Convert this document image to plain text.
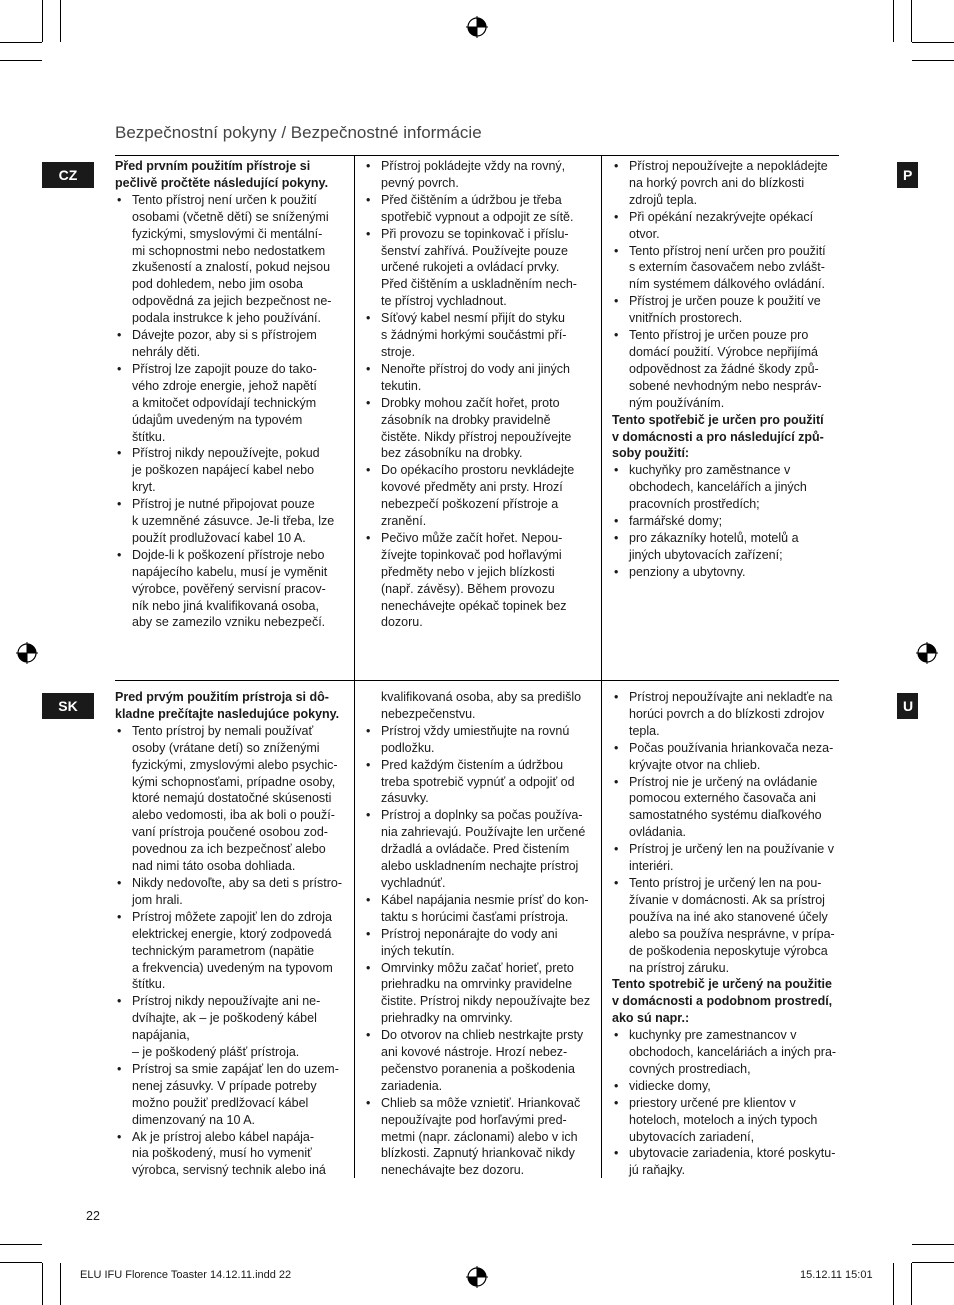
Bezpečnostní pokyny / Bezpečnostné informácie
CZ	P
SK	U

Před prvním použitím přístroje si
pečlivě pročtěte následující pokyny.

• Tento přístroj není určen k použití
osobami (včetně dětí) se sníženými
fyzickými, smyslovými či mentální-
mi schopnostmi nebo nedostatkem
zkušeností a znalostí, pokud nejsou
pod dohledem, nebo jim osoba
odpovědná za jejich bezpečnost ne-
podala instrukce k jeho používání.
• Dávejte pozor, aby si s přístrojem
nehrály děti.
• Přístroj lze zapojit pouze do tako-
vého zdroje energie, jehož napětí
a kmitočet odpovídají technickým
údajům uvedeným na typovém
štítku.
• Přístroj nikdy nepoužívejte, pokud
je poškozen napájecí kabel nebo
kryt.
• Přístroj je nutné připojovat pouze
k uzemněné zásuvce. Je-li třeba, lze
použít prodlužovací kabel 10 A.
• Dojde-li k poškození přístroje nebo
napájecího kabelu, musí je vyměnit
výrobce, pověřený servisní pracov-
ník nebo jiná kvalifikovaná osoba,
aby se zamezilo vzniku nebezpečí.
• Přístroj pokládejte vždy na rovný,
pevný povrch.
• Před čištěním a údržbou je třeba
spotřebič vypnout a odpojit ze sítě.
• Při provozu se topinkovač i příslu-
šenství zahřívá. Používejte pouze
určené rukojeti a ovládací prvky.
Před čištěním a uskladněním nech-
te přístroj vychladnout.
• Síťový kabel nesmí přijít do styku
s žádnými horkými součástmi pří-
stroje.
• Nenořte přístroj do vody ani jiných
tekutin.
• Drobky mohou začít hořet, proto
zásobník na drobky pravidelně
čistěte. Nikdy přístroj nepoužívejte
bez zásobníku na drobky.
• Do opékacího prostoru nevkládejte
kovové předměty ani prsty. Hrozí
nebezpečí poškození přístroje a
zranění.
• Pečivo může začít hořet. Nepou-
žívejte topinkovač pod hořlavými
předměty nebo v jejich blízkosti
(např. závěsy). Během provozu
nenechávejte opékač topinek bez
dozoru.
• Přístroj nepoužívejte a nepokládejte
na horký povrch ani do blízkosti
zdrojů tepla.
• Při opékání nezakrývejte opékací
otvor.
• Tento přístroj není určen pro použití
s externím časovačem nebo zvlášt-
ním systémem dálkového ovládání.
• Přístroj je určen pouze k použití ve
vnitřních prostorech.
• Tento přístroj je určen pouze pro
domácí použití. Výrobce nepřijímá
odpovědnost za žádné škody způ-
sobené nevhodným nebo nespráv-
ným používáním.

Tento spotřebič je určen pro použití
v domácnosti a pro následující způ-
soby použití:

• kuchyňky pro zaměstnance v
obchodech, kancelářích a jiných
pracovních prostředích;
• farmářské domy;
• pro zákazníky hotelů, motelů a
jiných ubytovacích zařízení;
• penziony a ubytovny.

Pred prvým použitím prístroja si dô-
kladne prečítajte nasledujúce pokyny.

• Tento prístroj by nemali používať
osoby (vrátane detí) so zníženými
fyzickými, zmyslovými alebo psychic-
kými schopnosťami, prípadne osoby,
ktoré nemajú dostatočné skúsenosti
alebo vedomosti, iba ak boli o použí-
vaní prístroja poučené osobou zod-
povednou za ich bezpečnosť alebo
nad nimi táto osoba dohliada.
• Nikdy nedovoľte, aby sa deti s prístro-
jom hrali.
• Prístroj môžete zapojiť len do zdroja
elektrickej energie, ktorý zodpovedá
technickým parametrom (napätie
a frekvencia) uvedeným na typovom
štítku.
• Prístroj nikdy nepoužívajte ani ne-
dvíhajte, ak – je poškodený kábel
napájania,
– je poškodený plášť prístroja.
• Prístroj sa smie zapájať len do uzem-
nenej zásuvky. V prípade potreby
možno použiť predlžovací kábel
dimenzovaný na 10 A.
• Ak je prístroj alebo kábel napája-
nia poškodený, musí ho vymeniť
výrobca, servisný technik alebo iná

kvalifikovaná osoba, aby sa predišlo
nebezpečenstvu.

• Prístroj vždy umiestňujte na rovnú
podložku.
• Pred každým čistením a údržbou
treba spotrebič vypnúť a odpojiť od
zásuvky.
• Prístroj a doplnky sa počas používa-
nia zahrievajú. Používajte len určené
držadlá a ovládače. Pred čistením
alebo uskladnením nechajte prístroj
vychladnúť.
• Kábel napájania nesmie prísť do kon-
taktu s horúcimi časťami prístroja.
• Prístroj neponárajte do vody ani
iných tekutín.
• Omrvinky môžu začať horieť, preto
priehradku na omrvinky pravidelne
čistite. Prístroj nikdy nepoužívajte bez
priehradky na omrvinky.
• Do otvorov na chlieb nestrkajte prsty
ani kovové nástroje. Hrozí nebez-
pečenstvo poranenia a poškodenia
zariadenia.
• Chlieb sa môže vznietiť. Hriankovač
nepoužívajte pod horľavými pred-
metmi (napr. záclonami) alebo v ich
blízkosti. Zapnutý hriankovač nikdy
nenechávajte bez dozoru.
• Prístroj nepoužívajte ani nekladťe na
horúci povrch a do blízkosti zdrojov
tepla.
• Počas používania hriankovača neza-
krývajte otvor na chlieb.
• Prístroj nie je určený na ovládanie
pomocou externého časovača ani
samostatného systému diaľkového
ovládania.
• Prístroj je určený len na používanie v
interiéri.
• Tento prístroj je určený len na pou-
žívanie v domácnosti. Ak sa prístroj
používa na iné ako stanovené účely
alebo sa používa nesprávne, v prípa-
de poškodenia neposkytuje výrobca
na prístroj záruku.

Tento spotrebič je určený na použitie
v domácnosti a podobnom prostredí,
ako sú napr.:

• kuchynky pre zamestnancov v
obchodoch, kanceláriách a iných pra-
covných prostrediach,
• vidiecke domy,
• priestory určené pre klientov v
hoteloch, moteloch a iných typoch
ubytovacích zariadení,
• ubytovacie zariadenia, ktoré poskytu-
jú raňajky.
22
ELU IFU Florence Toaster 14.12.11.indd 22	15.12.11 15:01
